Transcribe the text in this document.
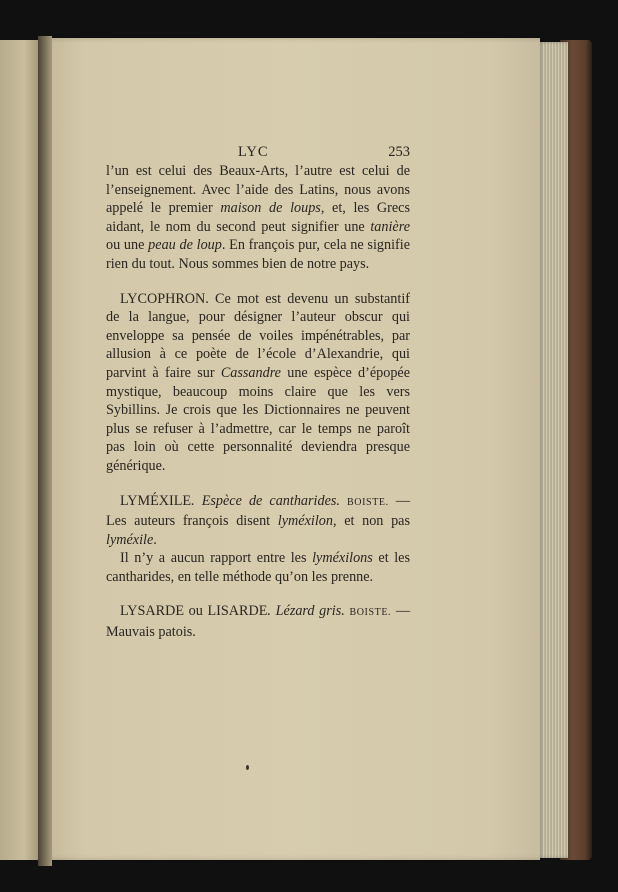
LYC	253

l’un est celui des Beaux-Arts, l’autre est celui de l’enseignement. Avec l’aide des Latins, nous avons appelé le premier maison de loups, et, les Grecs aidant, le nom du second peut signifier une tanière ou une peau de loup. En françois pur, cela ne signifie rien du tout. Nous sommes bien de notre pays.

LYCOPHRON. Ce mot est devenu un substantif de la langue, pour désigner l’auteur obscur qui enveloppe sa pensée de voiles impénétrables, par allusion à ce poète de l’école d’Alexandrie, qui parvint à faire sur Cassandre une espèce d’épopée mystique, beaucoup moins claire que les vers Sybillins. Je crois que les Dictionnaires ne peuvent plus se refuser à l’admettre, car le temps ne paroît pas loin où cette personnalité deviendra presque générique.

LYMÉXILE. Espèce de cantharides. BOISTE. — Les auteurs françois disent lyméxilon, et non pas lyméxile.

Il n’y a aucun rapport entre les lyméxilons et les cantharides, en telle méthode qu’on les prenne.

LYSARDE ou LISARDE. Lézard gris. BOISTE. — Mauvais patois.
